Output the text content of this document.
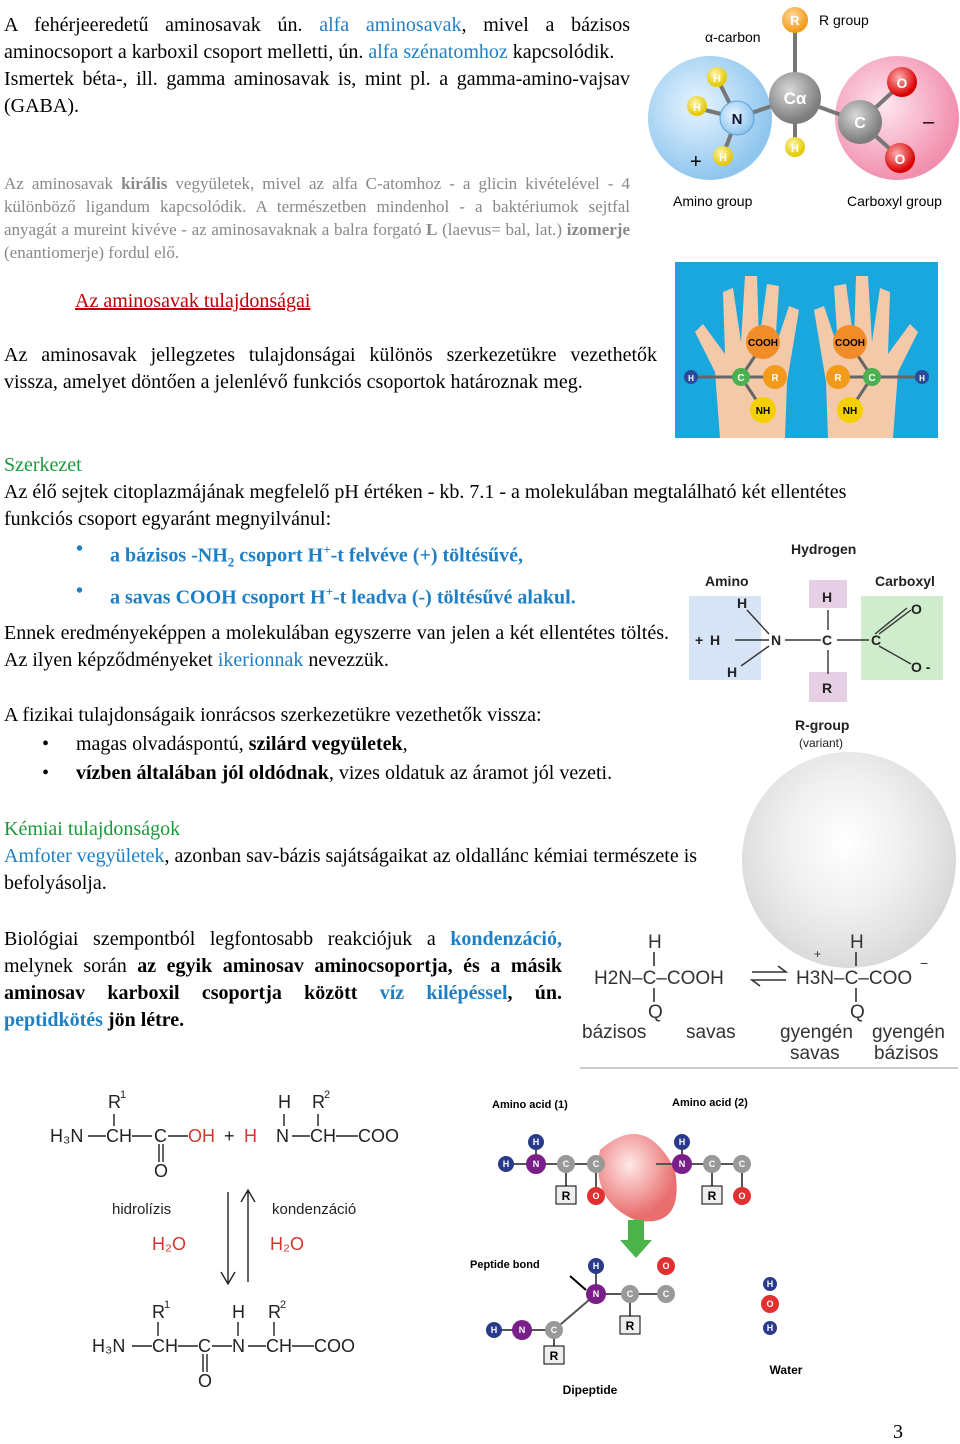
A fehérjeeredetű aminosavak ún. alfa aminosavak, mivel a bázisos aminocsoport a karboxil csoport melletti, ún. alfa szénatomhoz kapcsolódik.
Ismertek béta-, ill. gamma aminosavak is, mint pl. a gamma-amino-vajsav (GABA).
Az aminosavak királis vegyületek, mivel az alfa C-atomhoz - a glicin kivételével - 4 különböző ligandum kapcsolódik. A természetben mindenhol - a baktériumok sejtfal anyagát a mureint kivéve - az aminosavaknak a balra forgató L (laevus= bal, lat.) izomerje (enantiomerje) fordul elő.
R
Cα
N	C
O
O
H
H
H
H
α-carbon
R group
Amino group	Carboxyl group
+
–
Az aminosavak tulajdonságai
Az aminosavak jellegzetes tulajdonságai különös szerkezetükre vezethetők vissza, amelyet döntően a jelenlévő funkciós csoportok határoznak meg.
COOH	COOH
C	C
R	R
NH	NH
H	H
Szerkezet
Az élő sejtek citoplazmájának megfelelő pH értéken - kb. 7.1 - a molekulában megtalálható két ellentétes funkciós csoport egyaránt megnyilvánul:
• a bázisos $-NH_2$ csoport H+-t felvéve (+) töltésűvé,
• a savas COOH csoport H+-t leadva (-) töltésűvé alakul.
Ennek eredményeképpen a molekulában egyszerre van jelen a két ellentétes töltés. Az ilyen képződményeket ikerionnak nevezzük.
Hydrogen
Amino	Carboxyl
H
+ H
H
N
H
C
R
C
O
O -
R-group
(variant)
A fizikai tulajdonságaik ionrácsos szerkezetükre vezethetők vissza:
• magas olvadáspontú, szilárd vegyületek,
• vízben általában jól oldódnak, vizes oldatuk az áramot jól vezeti.
Kémiai tulajdonságok
Amfoter vegyületek, azonban sav-bázis sajátságaikat az oldallánc kémiai természete is befolyásolja.
Biológiai szempontból legfontosabb reakciójuk a kondenzáció, melynek során az egyik aminosav aminocsoportja, és a másik aminosav karboxil csoportja között víz kilépéssel, ún. peptidkötés jön létre.
H
H2N–C–COOH
Q
H
+
H3N–C–COO
−
Q
bázisos savas gyengén
savas
gyengén
bázisos
R 1	H R 2
H₃N CH C OH + H N CH COO
O
hidrolízis	kondenzáció
H₂O	H₂O
R 1	H R 2
H₃N CH C N CH COO
O
Amino acid (1)	Amino acid (2)
Peptide bond
Dipeptide
Water
H	N
H
C	C
R O
N
H
C	C
R O
H N	C
R
N
H
C
R
C
O
O
H
H
3
